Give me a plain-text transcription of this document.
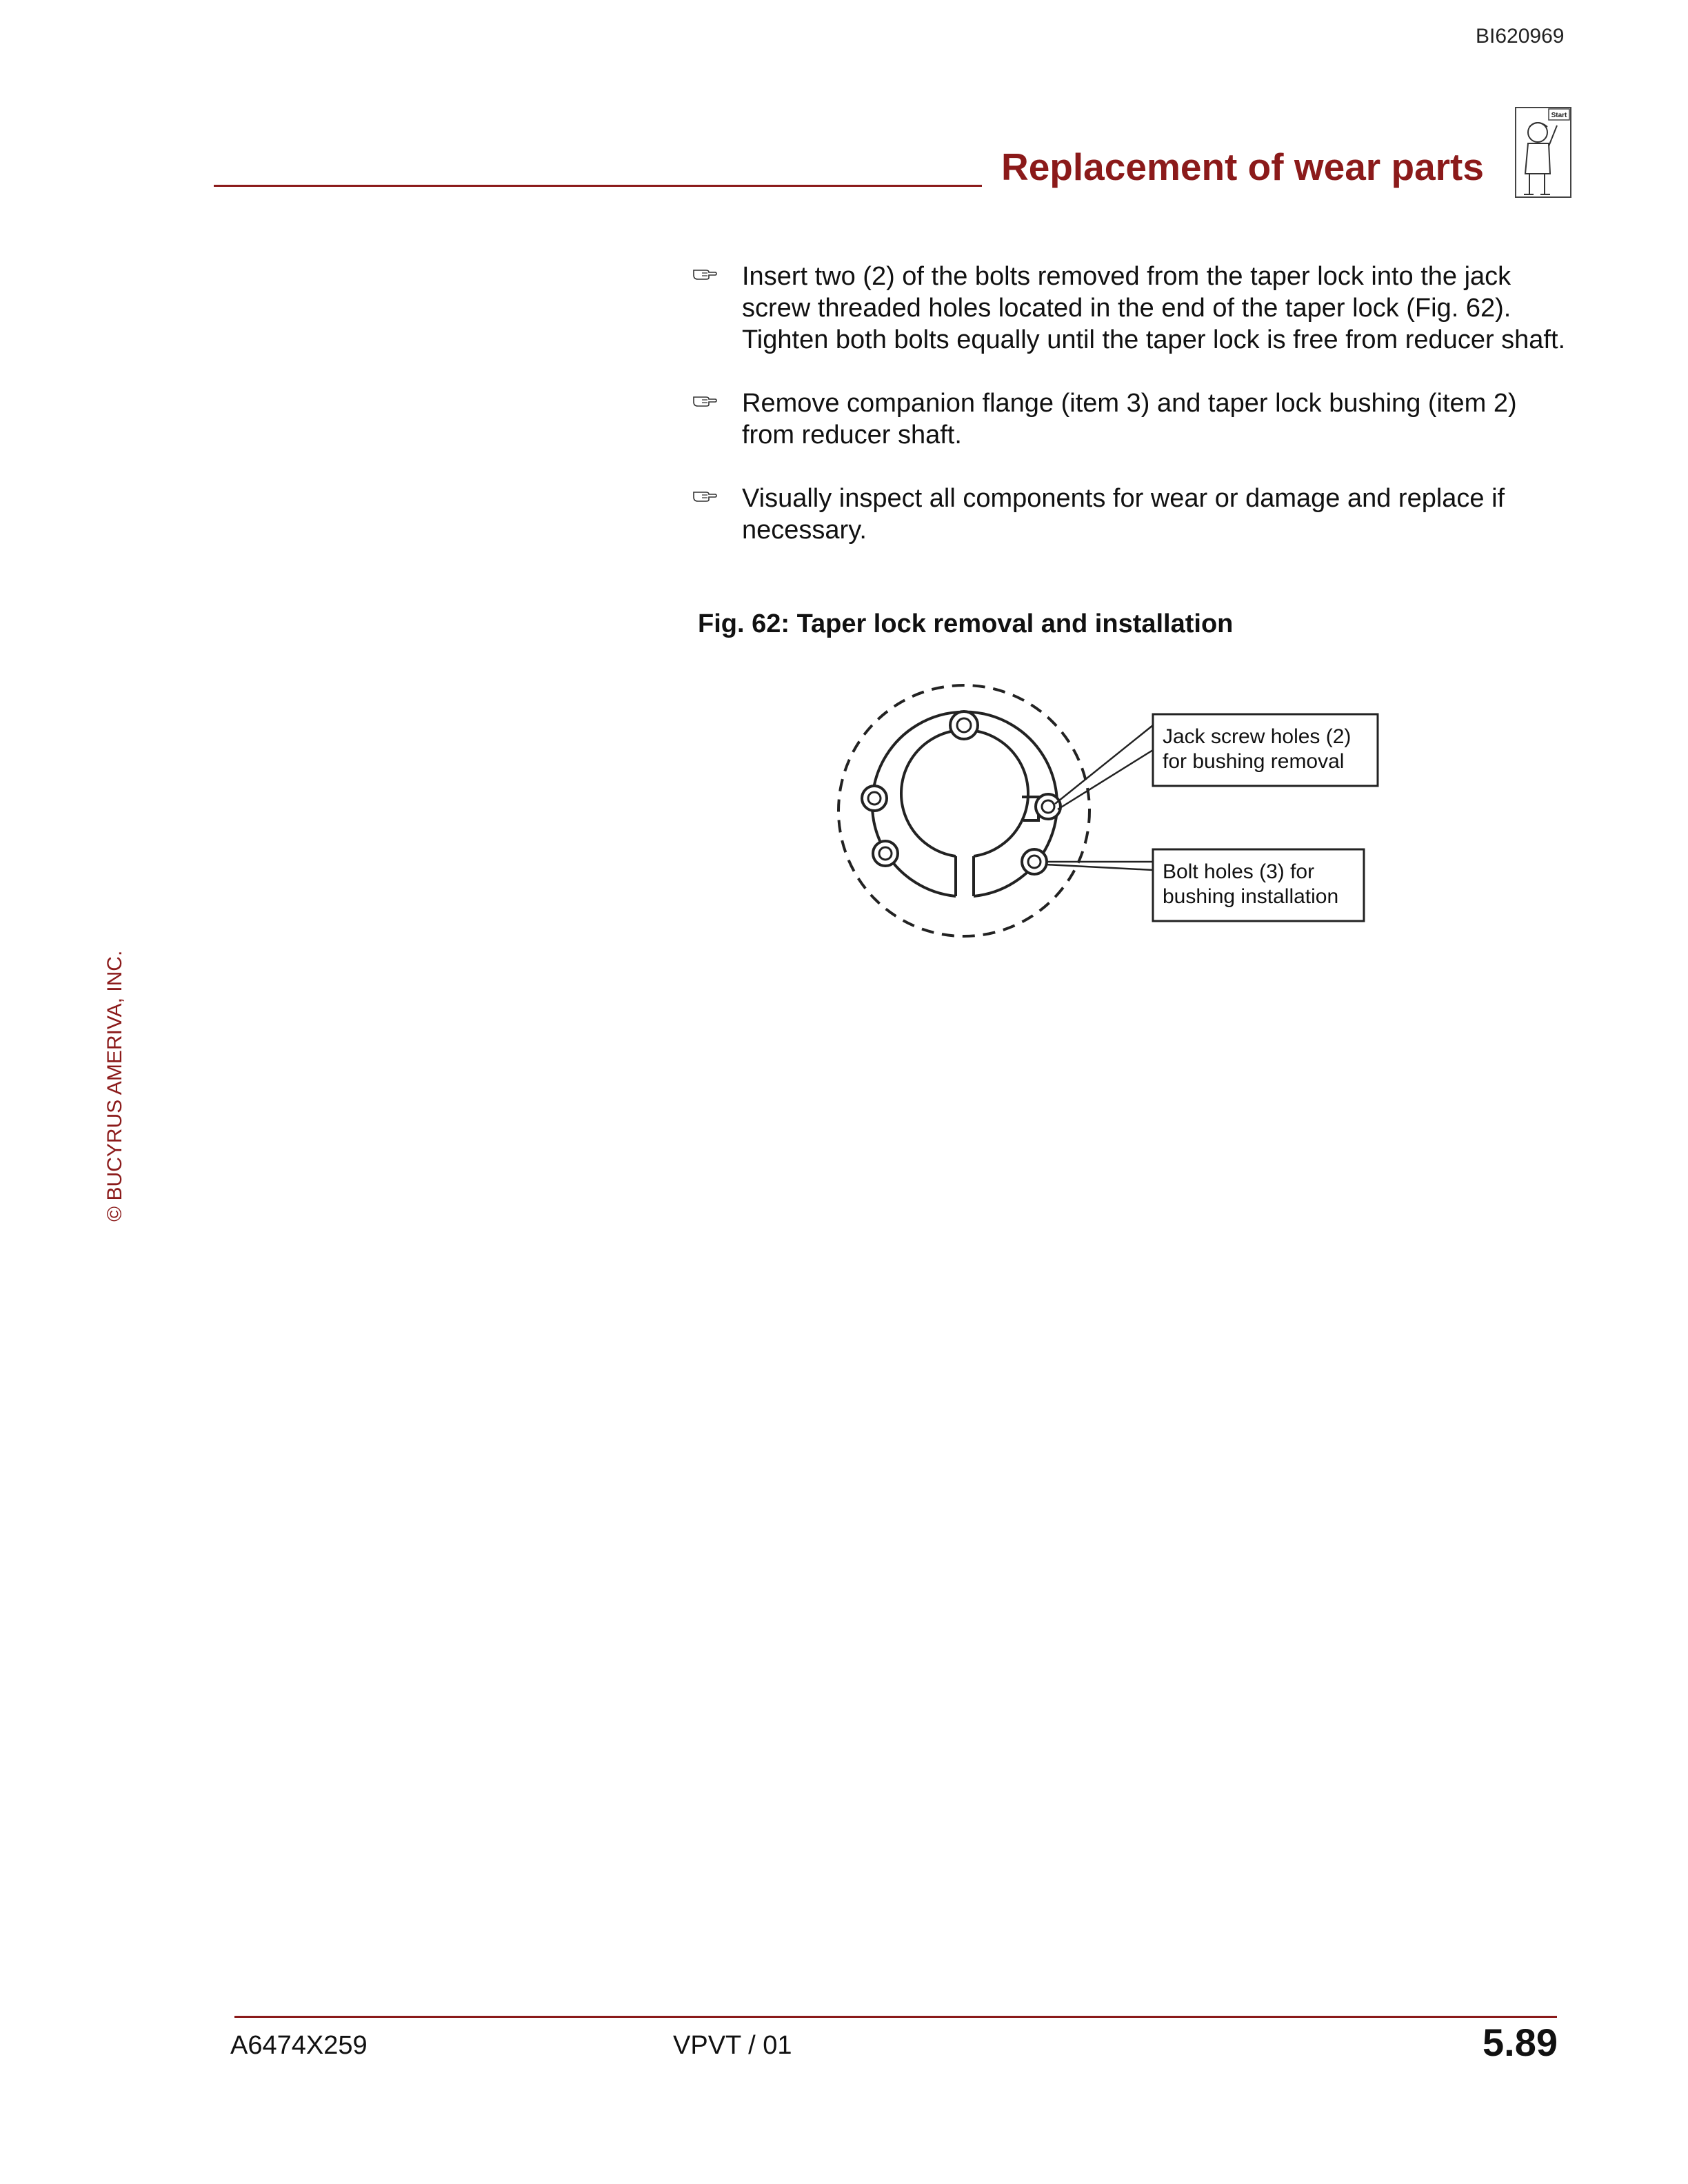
BI620969
Replacement of wear parts
Start
© BUCYRUS AMERIVA, INC.
Insert two (2) of the bolts removed from the taper lock into the jack screw threaded holes located in the end of the taper lock (Fig. 62). Tighten both bolts equally until the taper lock is free from reducer shaft.
Remove companion flange (item 3) and taper lock bushing (item 2) from reducer shaft.
Visually inspect all components for wear or damage and replace if necessary.
Fig. 62: Taper lock removal and installation
Jack screw holes (2)
for bushing removal
Bolt holes (3) for
bushing installation
A6474X259	VPVT / 01	5.89
